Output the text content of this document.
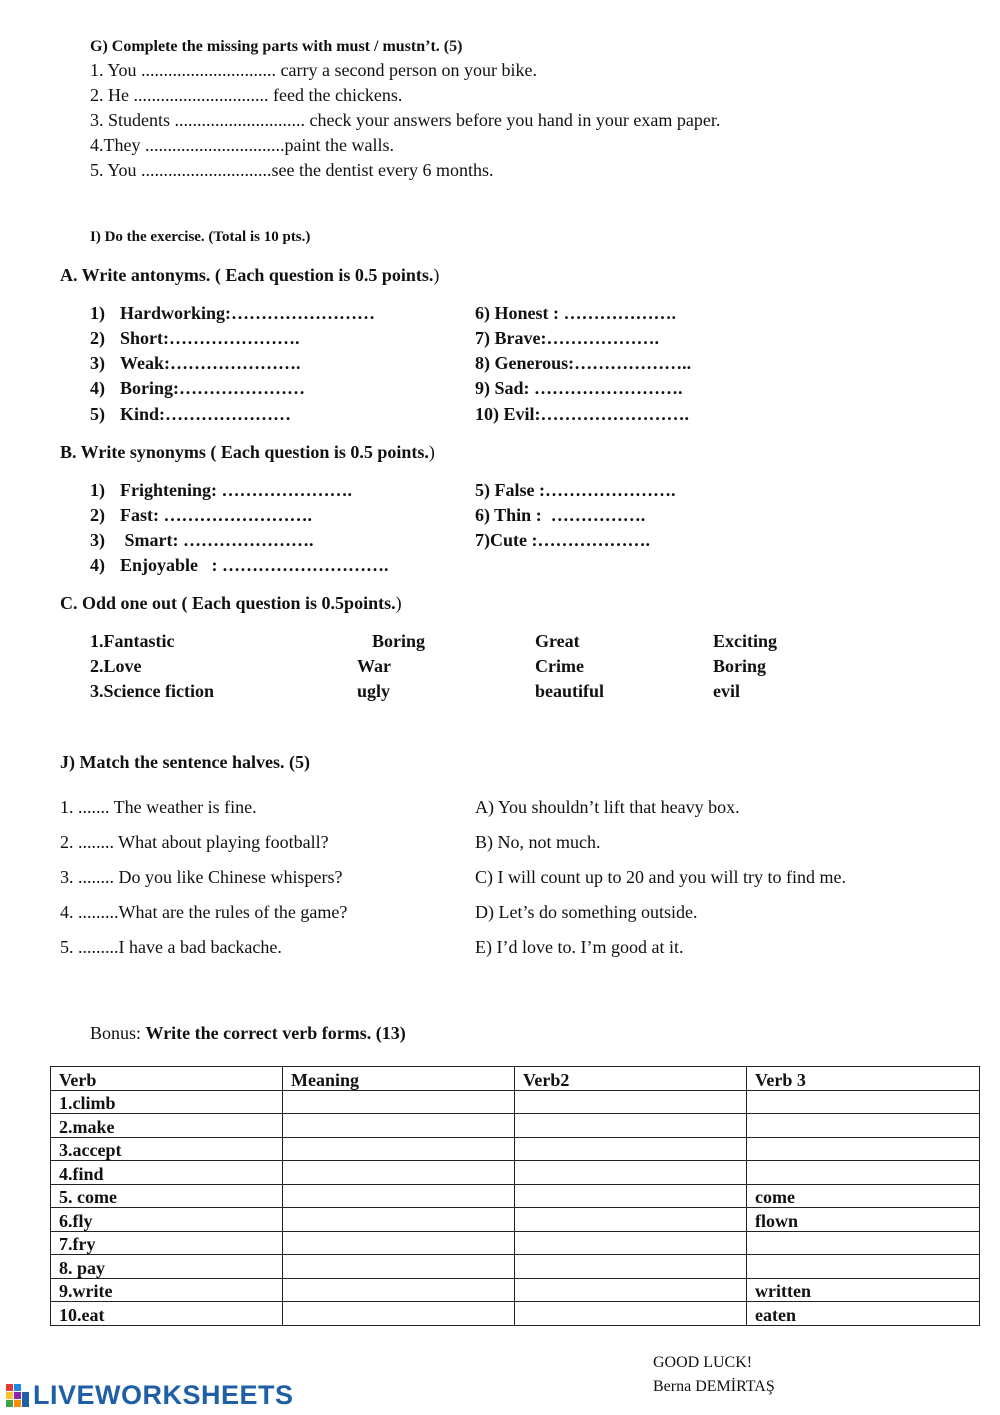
G) Complete the missing parts with must / mustn’t. (5)
1. You .............................. carry a second person on your bike.
2. He .............................. feed the chickens.
3. Students ............................. check your answers before you hand in your exam paper.
4.They ...............................paint the walls.
5. You .............................see the dentist every 6 months.
I) Do the exercise. (Total is 10 pts.)
A. Write antonyms. ( Each question is 0.5 points.)
1) Hardworking:……………………
2) Short:………………….
3) Weak:………………….
4) Boring:…………………
5) Kind:…………………
6) Honest : ……………….
7) Brave:……………….
8) Generous:………………..
9) Sad: …………………….
10) Evil:…………………….
B. Write synonyms ( Each question is 0.5 points.)
1) Frightening: ………………….
2) Fast: …………………….
3) Smart: ………………….
4) Enjoyable   : ……………………….
5) False :………………….
6) Thin :  …………….
7)Cute :……………….
C. Odd one out ( Each question is 0.5points.)
1.Fantastic	Boring	Great	Exciting
2.Love	War	Crime	Boring
3.Science fiction	ugly	beautiful	evil
J) Match the sentence halves. (5)
1. ....... The weather is fine.
2. ........ What about playing football?
3. ........ Do you like Chinese whispers?
4. .........What are the rules of the game?
5. .........I have a bad backache.
A) You shouldn’t lift that heavy box.
B) No, not much.
C) I will count up to 20 and you will try to find me.
D) Let’s do something outside.
E) I’d love to. I’m good at it.
Bonus: Write the correct verb forms. (13)
Verb	Meaning	Verb2	Verb 3
1.climb			
2.make			
3.accept			
4.find			
5. come			come
6.fly			flown
7.fry			
8. pay			
9.write			written
10.eat			eaten
GOOD LUCK!
Berna DEMİRTAŞ
LIVEWORKSHEETS
